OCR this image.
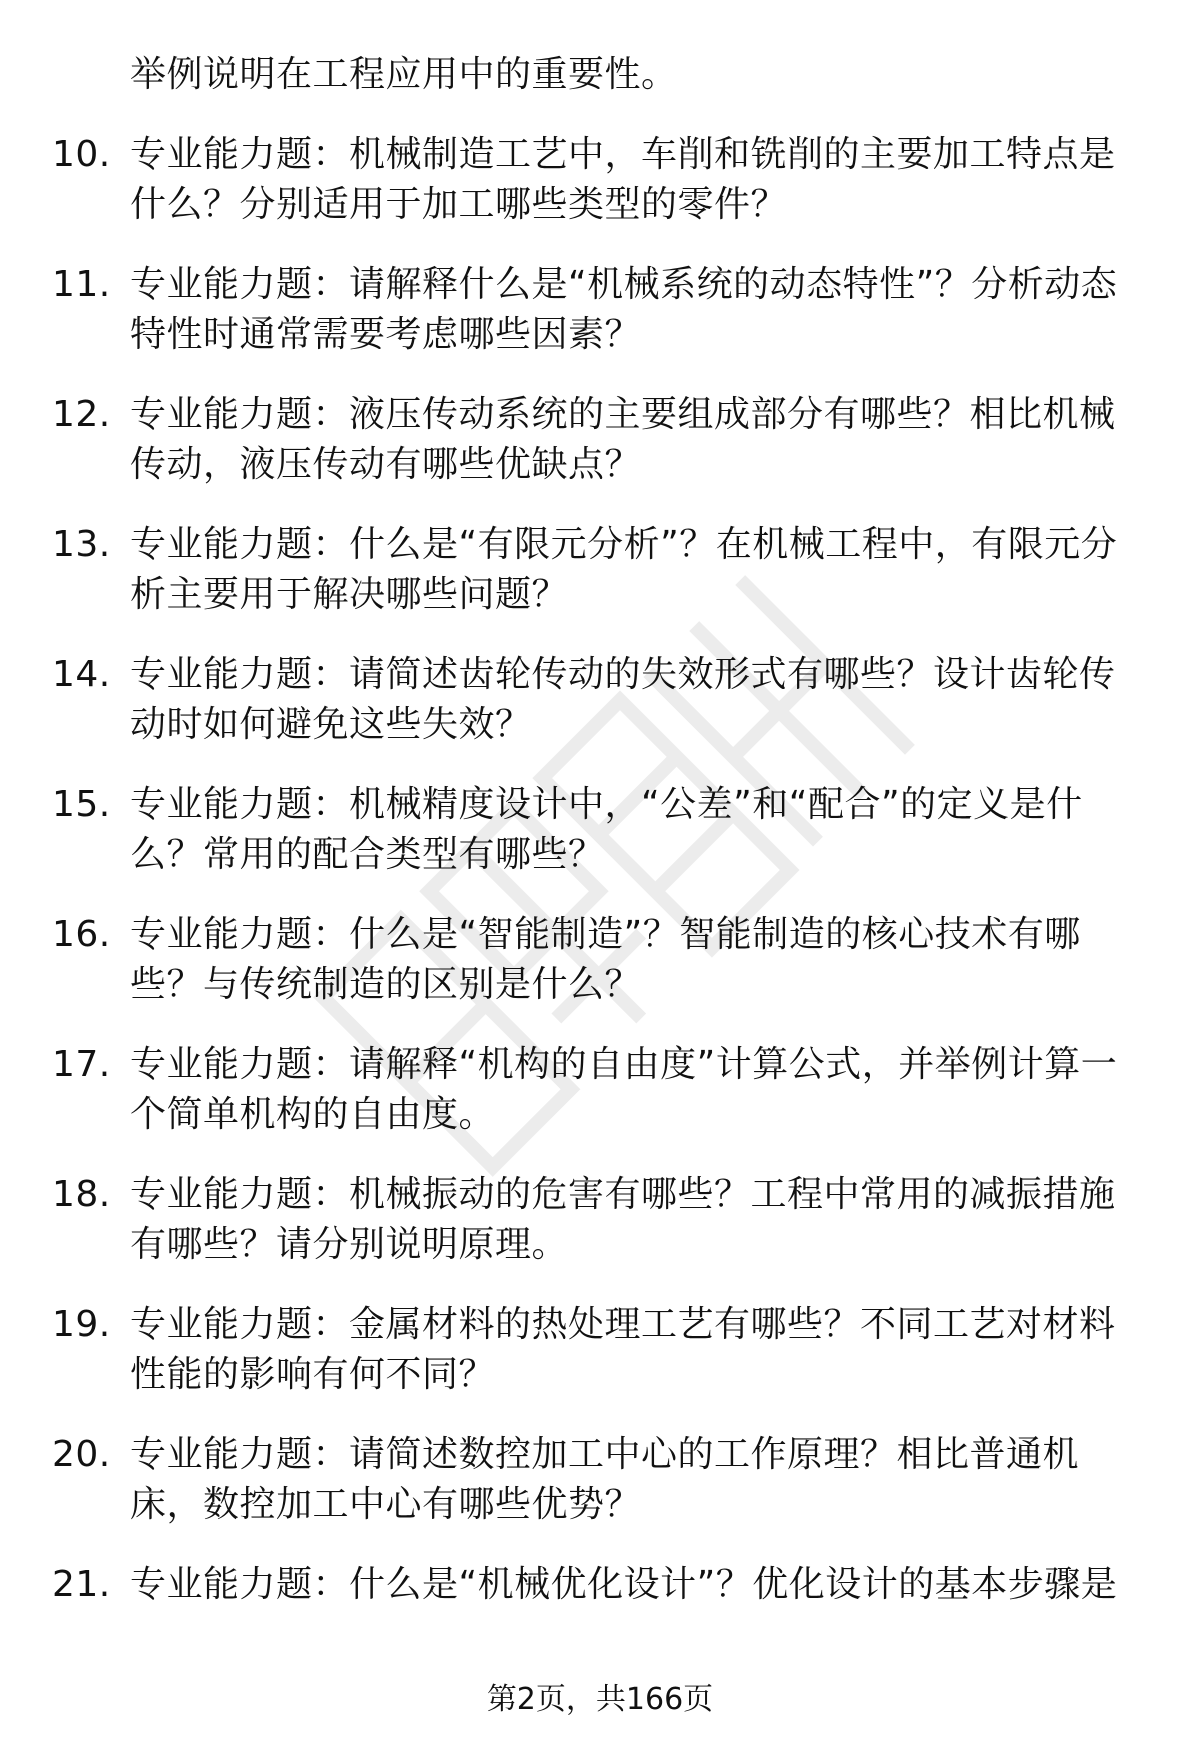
举例说明在工程应用中的重要性。
10. 专业能力题：机械制造工艺中，车削和铣削的主要加工特点是什么？分别适用于加工哪些类型的零件？
11. 专业能力题：请解释什么是“机械系统的动态特性”？分析动态特性时通常需要考虑哪些因素？
12. 专业能力题：液压传动系统的主要组成部分有哪些？相比机械传动，液压传动有哪些优缺点？
13. 专业能力题：什么是“有限元分析”？在机械工程中，有限元分析主要用于解决哪些问题？
14. 专业能力题：请简述齿轮传动的失效形式有哪些？设计齿轮传动时如何避免这些失效？
15. 专业能力题：机械精度设计中，“公差”和“配合”的定义是什么？常用的配合类型有哪些？
16. 专业能力题：什么是“智能制造”？智能制造的核心技术有哪些？与传统制造的区别是什么？
17. 专业能力题：请解释“机构的自由度”计算公式，并举例计算一个简单机构的自由度。
18. 专业能力题：机械振动的危害有哪些？工程中常用的减振措施有哪些？请分别说明原理。
19. 专业能力题：金属材料的热处理工艺有哪些？不同工艺对材料性能的影响有何不同？
20. 专业能力题：请简述数控加工中心的工作原理？相比普通机床，数控加工中心有哪些优势？
21. 专业能力题：什么是“机械优化设计”？优化设计的基本步骤是
第2页，共166页
